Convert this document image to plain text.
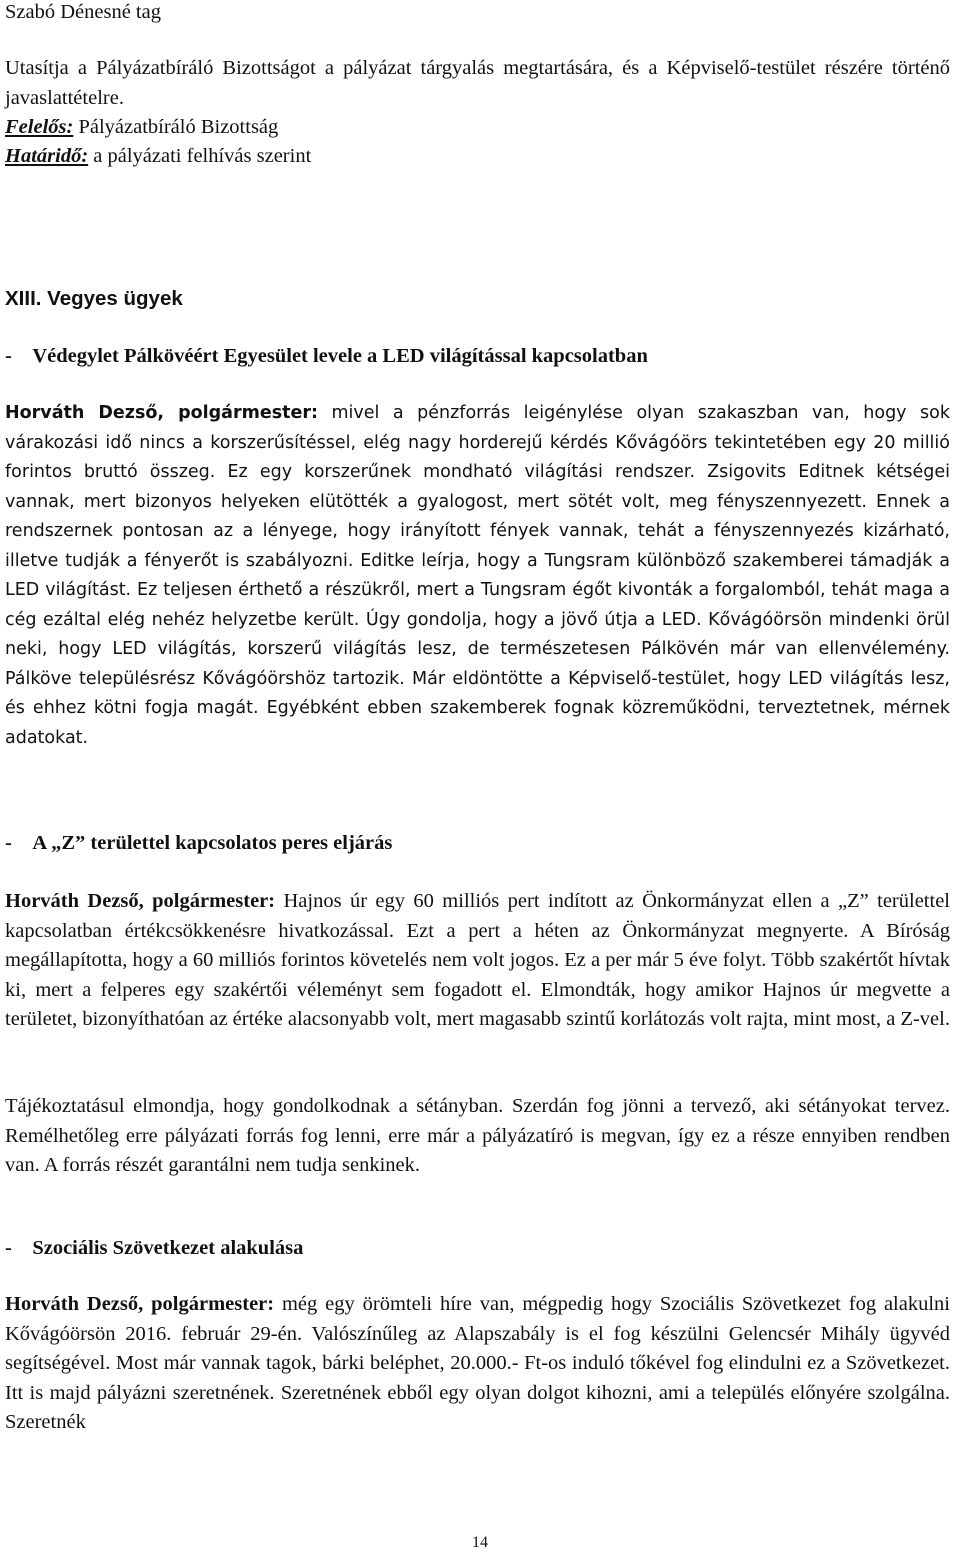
Szabó Dénesné tag

Utasítja a Pályázatbíráló Bizottságot a pályázat tárgyalás megtartására, és a Képviselő-testület részére történő javaslattételre.

Felelős: Pályázatbíráló Bizottság

Határidő: a pályázati felhívás szerint

XIII. Vegyes ügyek

-    Védegylet Pálkövéért Egyesület levele a LED világítással kapcsolatban

Horváth Dezső, polgármester: mivel a pénzforrás leigénylése olyan szakaszban van, hogy sok várakozási idő nincs a korszerűsítéssel, elég nagy horderejű kérdés Kővágóörs tekintetében egy 20 millió forintos bruttó összeg. Ez egy korszerűnek mondható világítási rendszer. Zsigovits Editnek kétségei vannak, mert bizonyos helyeken elütötték a gyalogost, mert sötét volt, meg fényszennyezett. Ennek a rendszernek pontosan az a lényege, hogy irányított fények vannak, tehát a fényszennyezés kizárható, illetve tudják a fényerőt is szabályozni. Editke leírja, hogy a Tungsram különböző szakemberei támadják a LED világítást. Ez teljesen érthető a részükről, mert a Tungsram égőt kivonták a forgalomból, tehát maga a cég ezáltal elég nehéz helyzetbe került. Úgy gondolja, hogy a jövő útja a LED. Kővágóörsön mindenki örül neki, hogy LED világítás, korszerű világítás lesz, de természetesen Pálkövén már van ellenvélemény. Pálköve településrész Kővágóörshöz tartozik. Már eldöntötte a Képviselő-testület, hogy LED világítás lesz, és ehhez kötni fogja magát. Egyébként ebben szakemberek fognak közreműködni, terveztetnek, mérnek adatokat.

-    A „Z” területtel kapcsolatos peres eljárás

Horváth Dezső, polgármester: Hajnos úr egy 60 milliós pert indított az Önkormányzat ellen a „Z” területtel kapcsolatban értékcsökkenésre hivatkozással. Ezt a pert a héten az Önkormányzat megnyerte. A Bíróság megállapította, hogy a 60 milliós forintos követelés nem volt jogos. Ez a per már 5 éve folyt. Több szakértőt hívtak ki, mert a felperes egy szakértői véleményt sem fogadott el. Elmondták, hogy amikor Hajnos úr megvette a területet, bizonyíthatóan az értéke alacsonyabb volt, mert magasabb szintű korlátozás volt rajta, mint most, a Z-vel.

Tájékoztatásul elmondja, hogy gondolkodnak a sétányban. Szerdán fog jönni a tervező, aki sétányokat tervez. Remélhetőleg erre pályázati forrás fog lenni, erre már a pályázatíró is megvan, így ez a része ennyiben rendben van. A forrás részét garantálni nem tudja senkinek.

-    Szociális Szövetkezet alakulása

Horváth Dezső, polgármester: még egy örömteli híre van, mégpedig hogy Szociális Szövetkezet fog alakulni Kővágóörsön 2016. február 29-én. Valószínűleg az Alapszabály is el fog készülni Gelencsér Mihály ügyvéd segítségével. Most már vannak tagok, bárki beléphet, 20.000.- Ft-os induló tőkével fog elindulni ez a Szövetkezet. Itt is majd pályázni szeretnének. Szeretnének ebből egy olyan dolgot kihozni, ami a település előnyére szolgálna. Szeretnék

14
